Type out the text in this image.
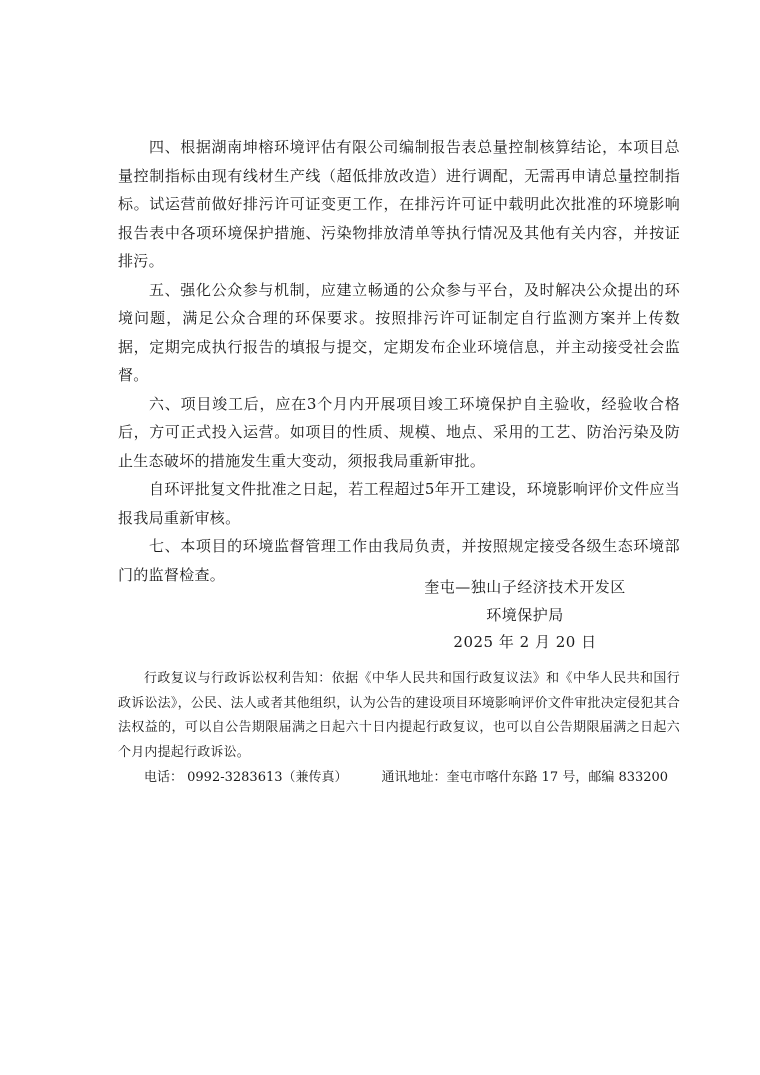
四、根据湖南坤榕环境评估有限公司编制报告表总量控制核算结论，本项目总量控制指标由现有线材生产线（超低排放改造）进行调配，无需再申请总量控制指标。试运营前做好排污许可证变更工作，在排污许可证中载明此次批准的环境影响报告表中各项环境保护措施、污染物排放清单等执行情况及其他有关内容，并按证排污。

五、强化公众参与机制，应建立畅通的公众参与平台，及时解决公众提出的环境问题，满足公众合理的环保要求。按照排污许可证制定自行监测方案并上传数据，定期完成执行报告的填报与提交，定期发布企业环境信息，并主动接受社会监督。

六、项目竣工后，应在3个月内开展项目竣工环境保护自主验收，经验收合格后，方可正式投入运营。如项目的性质、规模、地点、采用的工艺、防治污染及防止生态破坏的措施发生重大变动，须报我局重新审批。

自环评批复文件批准之日起，若工程超过5年开工建设，环境影响评价文件应当报我局重新审核。

七、本项目的环境监督管理工作由我局负责，并按照规定接受各级生态环境部门的监督检查。

奎屯—独山子经济技术开发区
环境保护局
2025 年 2 月 20 日

行政复议与行政诉讼权利告知：依据《中华人民共和国行政复议法》和《中华人民共和国行政诉讼法》，公民、法人或者其他组织，认为公告的建设项目环境影响评价文件审批决定侵犯其合法权益的，可以自公告期限届满之日起六十日内提起行政复议，也可以自公告期限届满之日起六个月内提起行政诉讼。

电话： 0992-3283613（兼传真）	通讯地址：奎屯市喀什东路 17 号，邮编 833200
